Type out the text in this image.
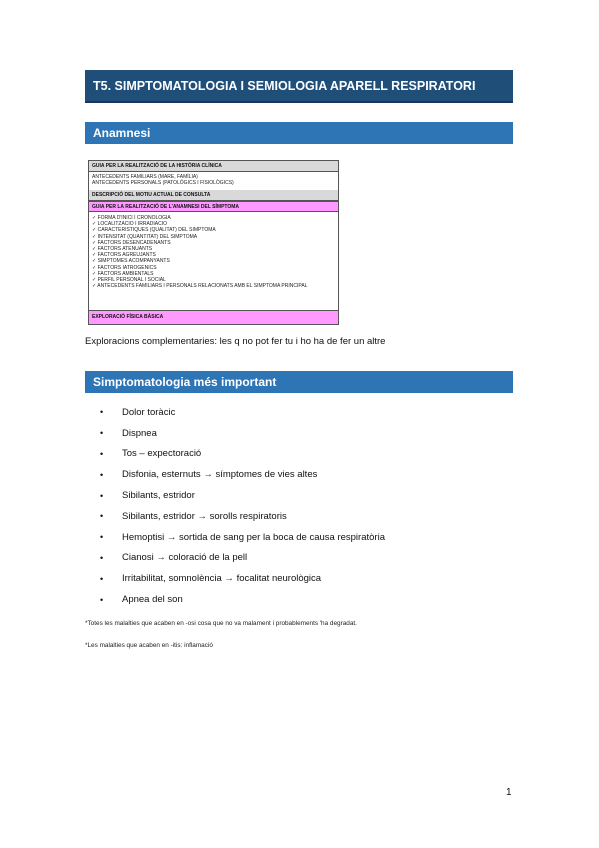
T5. SIMPTOMATOLOGIA I SEMIOLOGIA APARELL RESPIRATORI
Anamnesi
GUIA PER LA REALITZACIÓ DE LA HISTÒRIA CLÍNICA
ANTECEDENTS FAMILIARS (MARE, FAMÍLIA)
ANTECEDENTS PERSONALS (PATOLÒGICS I FISIOLÒGICS)
DESCRIPCIÓ DEL MOTIU ACTUAL DE CONSULTA
GUIA PER LA REALITZACIÓ DE L'ANAMNESI DEL SÍMPTOMA
✓ FORMA D'INICI I CRONOLOGIA
✓ LOCALITZACIÓ I IRRADIACIÓ
✓ CARACTERÍSTIQUES (QUALITAT) DEL SÍMPTOMA
✓ INTENSITAT (QUANTITAT) DEL SÍMPTOMA
✓ FACTORS DESENCADENANTS
✓ FACTORS ATENUANTS
✓ FACTORS AGREUJANTS
✓ SÍMPTOMES ACOMPANYANTS
✓ FACTORS IATROGÈNICS
✓ FACTORS AMBIENTALS
✓ PERFIL PERSONAL I SOCIAL
✓ ANTECEDENTS FAMILIARS I PERSONALS RELACIONATS AMB EL SÍMPTOMA PRINCIPAL
EXPLORACIÓ FÍSICA BÀSICA
Exploracions complementaries: les q no pot fer tu i ho ha de fer un altre
Simptomatologia més important
•	Dolor toràcic
•	Dispnea
•	Tos – expectoració
•	Disfonia, esternuts → símptomes de vies altes
•	Sibilants, estridor
•	Sibilants, estridor → sorolls respiratoris
•	Hemoptisi → sortida de sang per la boca de causa respiratòria
•	Cianosi → coloració de la pell
•	Irritabilitat, somnolència → focalitat neurològica
•	Apnea del son
*Totes les malalties que acaben en -osi cosa que no va malament i probablements 'ha degradat.
*Les malalties que acaben en -itis: inflamació
1
